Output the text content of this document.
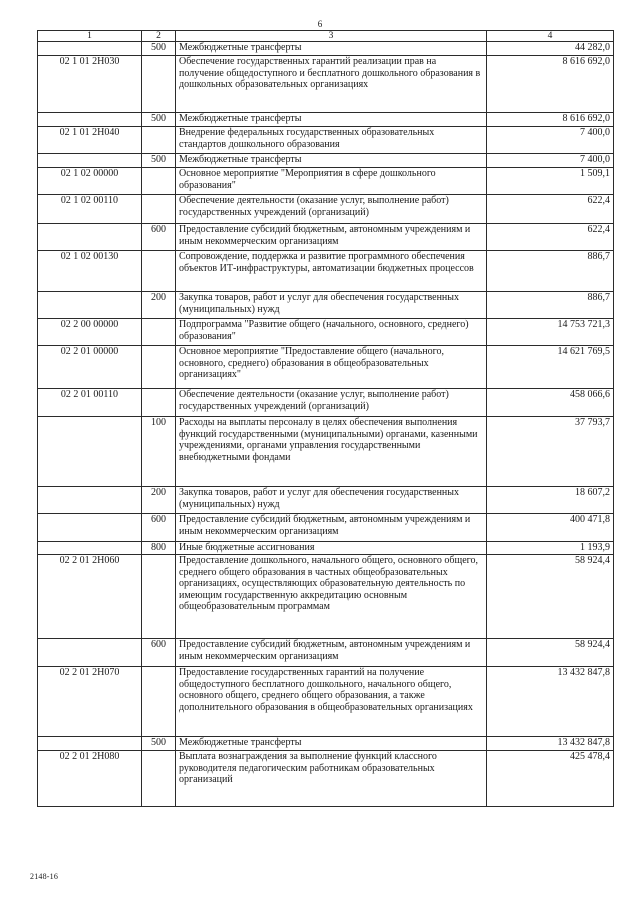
6
1	2	3	4
	500	Межбюджетные трансферты	44 282,0
02 1 01 2Н030		Обеспечение государственных гарантий реализации прав на получение общедоступного и бесплатного дошкольного образования в дошкольных образовательных организациях	8 616 692,0
	500	Межбюджетные трансферты	8 616 692,0
02 1 01 2Н040		Внедрение федеральных государственных образовательных стандартов дошкольного образования	7 400,0
	500	Межбюджетные трансферты	7 400,0
02 1 02 00000		Основное мероприятие "Мероприятия в сфере дошкольного образования"	1 509,1
02 1 02 00110		Обеспечение деятельности (оказание услуг, выполнение работ) государственных учреждений (организаций)	622,4
	600	Предоставление субсидий бюджетным, автономным учреждениям и иным некоммерческим организациям	622,4
02 1 02 00130		Сопровождение, поддержка и развитие программного обеспечения объектов ИТ-инфраструктуры, автоматизации бюджетных процессов	886,7
	200	Закупка товаров, работ и услуг для обеспечения государственных (муниципальных) нужд	886,7
02 2 00 00000		Подпрограмма "Развитие общего (начального, основного, среднего) образования"	14 753 721,3
02 2 01 00000		Основное мероприятие "Предоставление общего (начального, основного, среднего) образования в общеобразовательных организациях"	14 621 769,5
02 2 01 00110		Обеспечение деятельности (оказание услуг, выполнение работ) государственных учреждений (организаций)	458 066,6
	100	Расходы на выплаты персоналу в целях обеспечения выполнения функций государственными (муниципальными) органами, казенными учреждениями, органами управления государственными внебюджетными фондами	37 793,7
	200	Закупка товаров, работ и услуг для обеспечения государственных (муниципальных) нужд	18 607,2
	600	Предоставление субсидий бюджетным, автономным учреждениям и иным некоммерческим организациям	400 471,8
	800	Иные бюджетные ассигнования	1 193,9
02 2 01 2Н060		Предоставление дошкольного, начального общего, основного общего, среднего общего образования в частных общеобразовательных организациях, осуществляющих образовательную деятельность по имеющим государственную аккредитацию основным общеобразовательным программам	58 924,4
	600	Предоставление субсидий бюджетным, автономным учреждениям и иным некоммерческим организациям	58 924,4
02 2 01 2Н070		Предоставление государственных гарантий на получение общедоступного бесплатного дошкольного, начального общего, основного общего, среднего общего образования, а также дополнительного образования в общеобразовательных организациях	13 432 847,8
	500	Межбюджетные трансферты	13 432 847,8
02 2 01 2Н080		Выплата вознаграждения за выполнение функций классного руководителя педагогическим работникам образовательных организаций	425 478,4
2148-16
